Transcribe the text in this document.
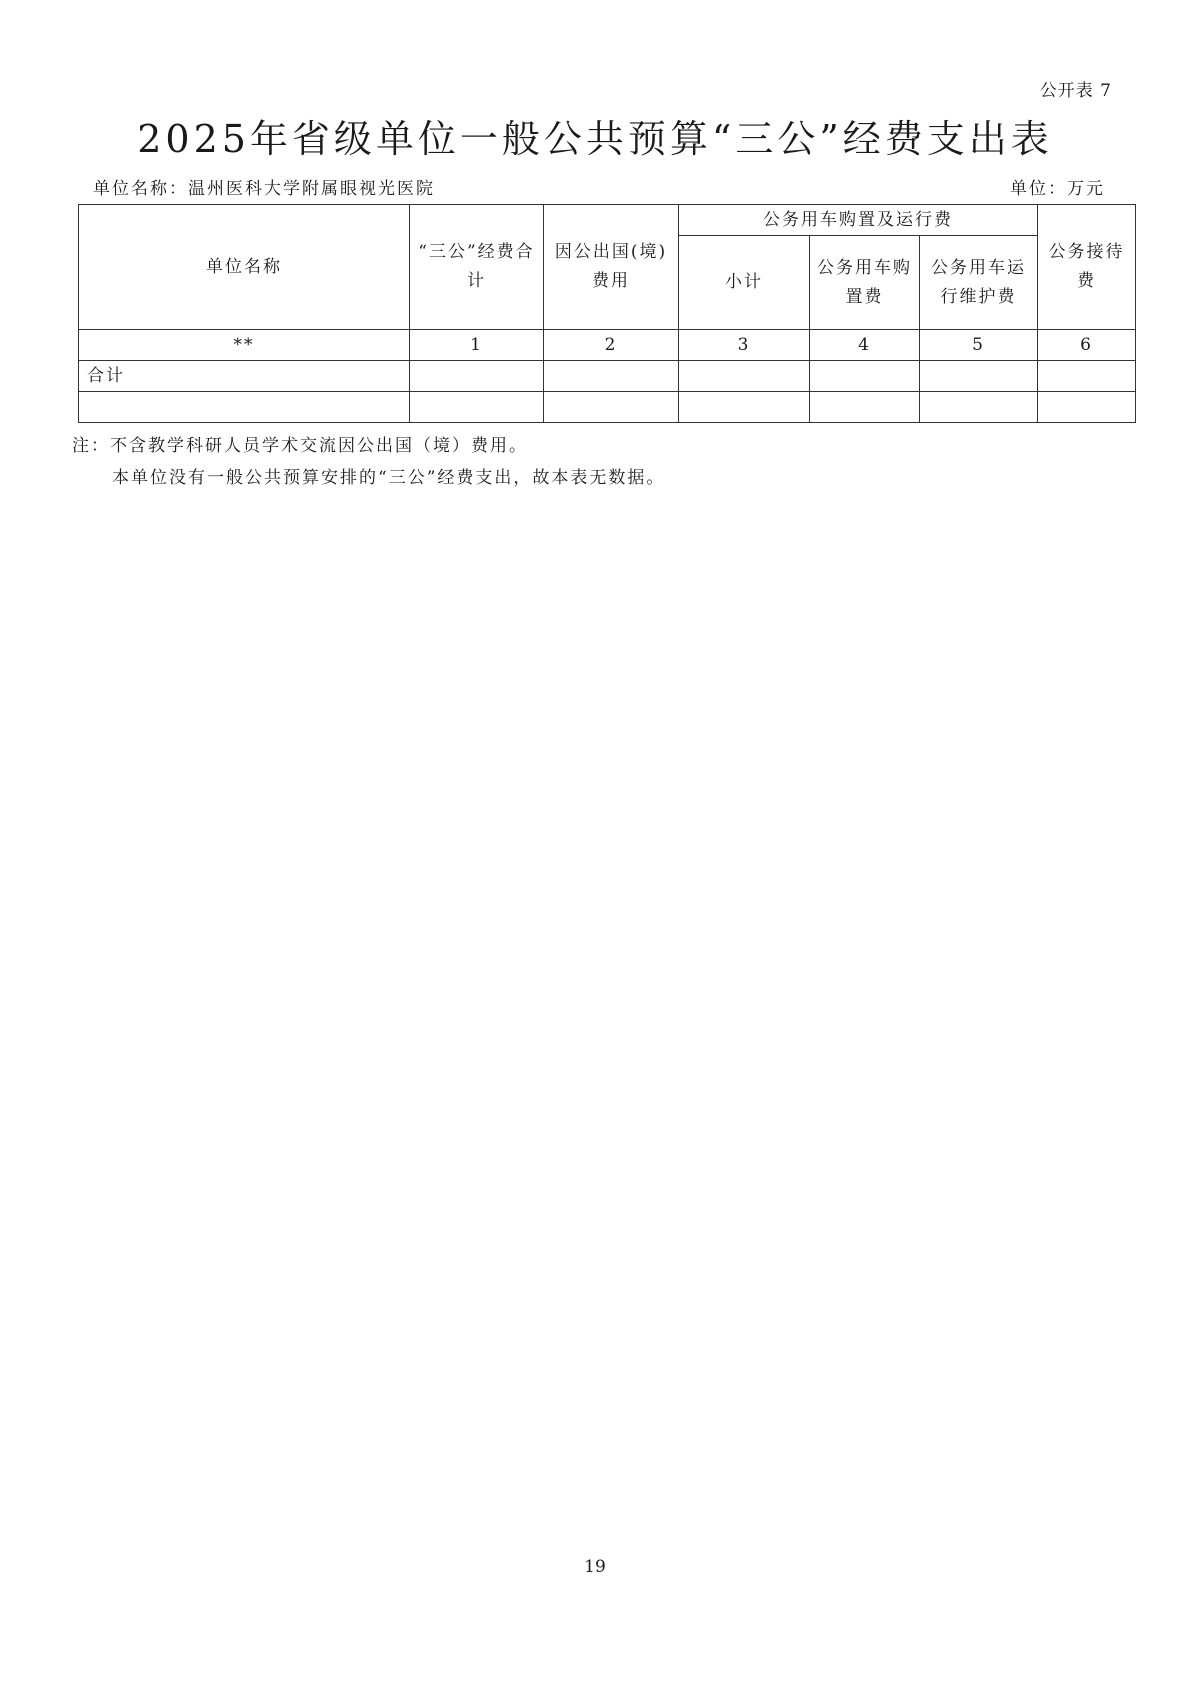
公开表 7
2025年省级单位一般公共预算“三公”经费支出表
单位名称：温州医科大学附属眼视光医院	单位：万元
单位名称	“三公”经费合计	因公出国(境)费用	公务用车购置及运行费			公务接待费
			小计	公务用车购置费	公务用车运行维护费	
**	1	2	3	4	5	6
合计						

注：不含教学科研人员学术交流因公出国（境）费用。
本单位没有一般公共预算安排的“三公”经费支出，故本表无数据。
19
